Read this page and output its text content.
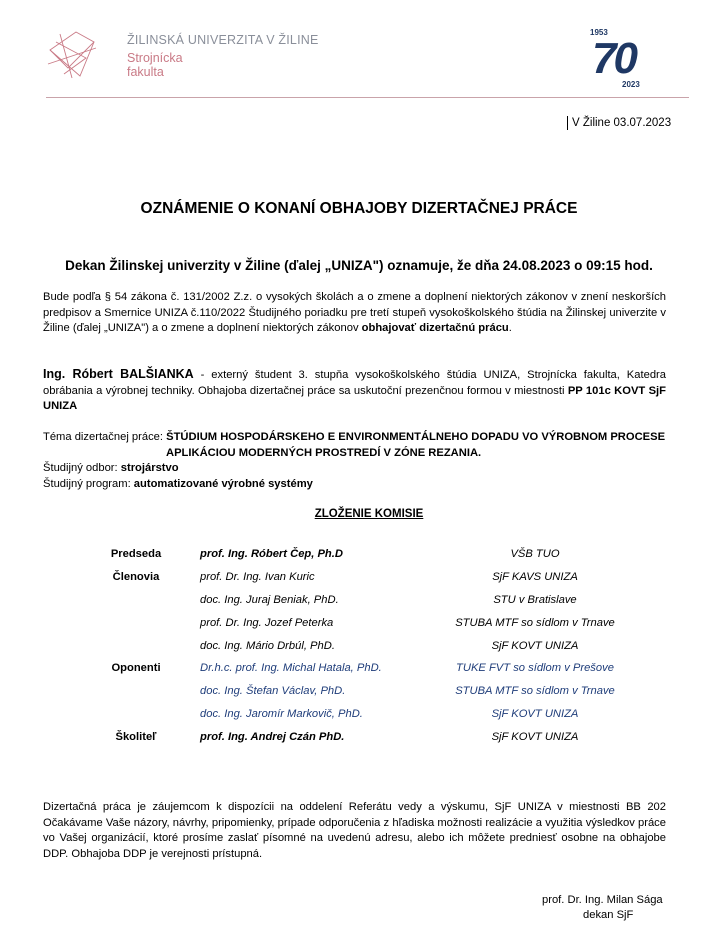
ŽILINSKÁ UNIVERZITA V ŽILINE
Strojnícka
fakulta
1953
70
2023
V Žiline 03.07.2023
OZNÁMENIE O KONANÍ OBHAJOBY DIZERTAČNEJ PRÁCE
Dekan Žilinskej univerzity v Žiline (ďalej „UNIZA") oznamuje, že dňa 24.08.2023 o 09:15 hod.
Bude podľa § 54 zákona č. 131/2002 Z.z. o vysokých školách a o zmene a doplnení niektorých zákonov v znení neskorších predpisov a Smernice UNIZA č.110/2022 Študijného poriadku pre tretí stupeň vysokoškolského štúdia na Žilinskej univerzite v Žiline (ďalej „UNIZA") a o zmene a doplnení niektorých zákonov obhajovať dizertačnú prácu.
Ing. Róbert BALŠIANKA - externý študent 3. stupňa vysokoškolského štúdia UNIZA, Strojnícka fakulta, Katedra obrábania a výrobnej techniky. Obhajoba dizertačnej práce sa uskutoční prezenčnou formou v miestnosti PP 101c KOVT SjF UNIZA
Téma dizertačnej práce: ŠTÚDIUM HOSPODÁRSKEHO E ENVIRONMENTÁLNEHO DOPADU VO VÝROBNOM PROCESE
APLIKÁCIOU MODERNÝCH PROSTREDÍ V ZÓNE REZANIA.
Študijný odbor: strojárstvo
Študijný program: automatizované výrobné systémy
ZLOŽENIE KOMISIE
Predseda	prof. Ing. Róbert Čep, Ph.D	VŠB TUO
Členovia	prof. Dr. Ing. Ivan Kuric	SjF KAVS UNIZA
doc. Ing. Juraj Beniak, PhD.	STU v Bratislave
prof. Dr. Ing. Jozef Peterka	STUBA MTF so sídlom v Trnave
doc. Ing. Mário Drbúl, PhD.	SjF KOVT UNIZA
Oponenti	Dr.h.c. prof. Ing. Michal Hatala, PhD.	TUKE FVT so sídlom v Prešove
doc. Ing. Štefan Václav, PhD.	STUBA MTF so sídlom v Trnave
doc. Ing. Jaromír Markovič, PhD.	SjF KOVT UNIZA
Školiteľ	prof. Ing. Andrej Czán PhD.	SjF KOVT UNIZA
Dizertačná práca je záujemcom k dispozícii na oddelení Referátu vedy a výskumu, SjF UNIZA v miestnosti BB 202 Očakávame Vaše názory, návrhy, pripomienky, prípade odporučenia z hľadiska možnosti realizácie a využitia výsledkov práce vo Vašej organizácií, ktoré prosíme zaslať písomné na uvedenú adresu, alebo ich môžete predniesť osobne na obhajobe DDP. Obhajoba DDP je verejnosti prístupná.
prof. Dr. Ing. Milan Sága
dekan SjF
